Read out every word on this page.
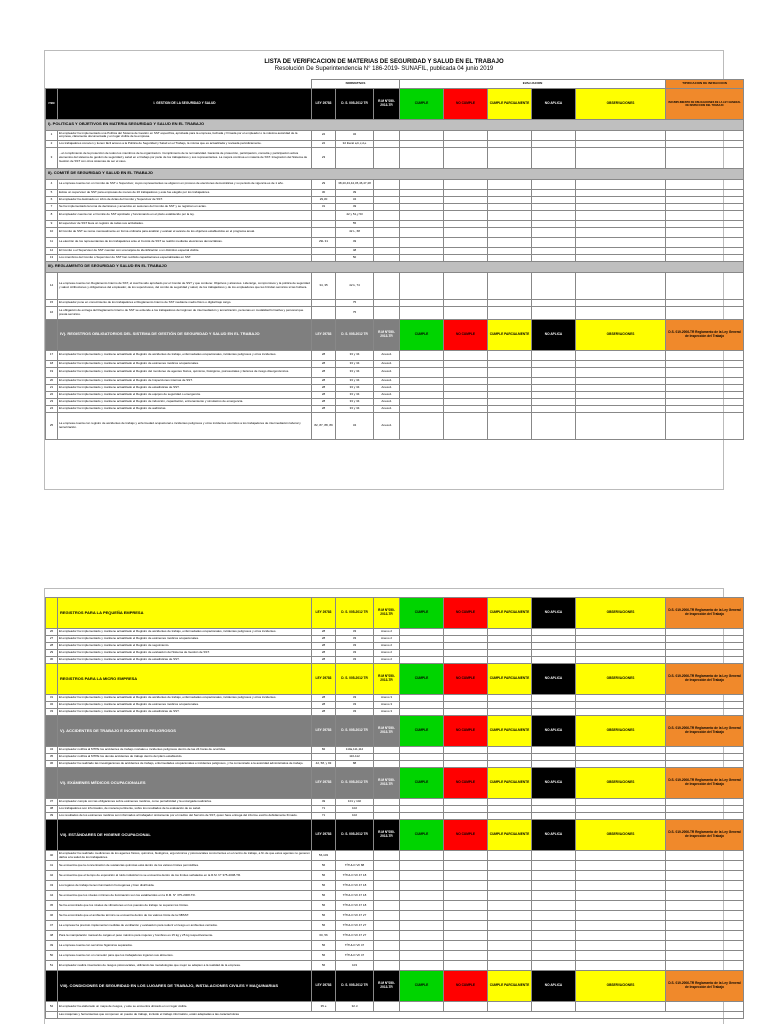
LISTA DE VERIFICACION DE MATERIAS DE SEGURIDAD Y SALUD EN EL TRABAJO
Resolución De Superintendencia N° 186-2019- SUNAFIL, publicada 04 junio 2019
		NORMATIVAS			EVALUACION					TIPIFICACION DE INFRACCION
ITEM	I. GESTION DE LA SEGURIDAD Y SALUD	LEY 29783	D. S. 005-2012 TR	R.M N°050-2013-TR	CUMPLE	NO CUMPLE	CUMPLE PARCIALMENTE	NO APLICA	OBSERVACIONES	INCUMPLIMIENTO DE OBLIGACIONES DE LA LEY GENERAL DE INSPECCION DEL TRABAJO
I). POLITICAS Y OBJETIVOS EN MATERIA SEGURIDAD Y SALUD EN EL TRABAJO										
1	El empleador ha implementado una Política del Sistema de Gestión en SST específica, aprobada para la empresa, fechada y firmada por el empleador o la máxima autoridad de la empresa, claramente documentada y en lugar visible de la empresa.	22	32							
2	Los trabajadores conocen y tienen fácil acceso a la Política de Seguridad y Salud en el Trabajo, la misma que es actualizada y revisada periódicamente.	22	32 literal a,b,c,d,e							
3	...el cumplimiento de la protección de todos los miembros de la organización. Cumplimiento de la normatividad. Garantía de protección, participación, consulta y participación activa elementos del sistema de gestión de seguridad y salud en el trabajo por parte de los trabajadores y sus representantes. La mejora continua en materia de SST. Integración del Sistema de Gestión de SST con otros sistemas de ser el caso.	23								
II). COMITÉ DE SEGURIDAD Y SALUD EN EL TRABAJO										
4	La empresa cuenta con un Comité de SST o Supervisor, cuyos representantes se eligieron en proceso de elecciones democráticas y su periodo de vigencia es de 1 año.	29	38,40,43,44,45,46,47,48							
5	Existe un supervisor de SST para empresas de menos de 20 trabajadores y este fue elegido por los trabajadores.	30	39							
6	El empleador ha destinado un Libro de Actas del Comité y Supervisor de SST.	29,30	34							
7	Se ha implementado la toma de decisiones y acuerdos en sesiones del Comité de SST y se registran en actas.	31	49							
8	El empleador cuenta con el Comité de SST aprobado y funcionando en el plazo establecido por la ley.		42 y 51,y 53							
9	El supervisor de SST lleva un registro de todas sus actividades.		55							
10	El Comité de SST se reúne mensualmente en forma ordinaria para analizar y evaluar el avance de los objetivos establecidos en el programa anual.		42 L, 68							
11	La elección de los representantes de los trabajadores ante el Comité de SST se realizó mediante elecciones democráticas.	29L 31	49							
12	El Comité o el Supervisor de SST cuentan con una tarjeta de identificación o un distintivo especial visible.		48							
13	Los miembros del Comité o Supervisor de SST han recibido capacitaciones especializadas en SST.		50							
III). REGLAMENTO DE SEGURIDAD Y SALUD EN EL TRABAJO										
14	La empresa cuenta con Reglamento Interno de SST, el cual ha sido aprobado por el Comité de SST y que contiene: Objetivos y alcances. Liderazgo, compromisos y la política de seguridad y salud. Atribuciones y obligaciones del empleador, de los supervisores, del comité de seguridad y salud, de los trabajadores y de los empleadores que les brindan servicios si las hubiera.	34, 35	42 k, 74							
15	El empleador pone en conocimiento de los trabajadores el Reglamento Interno de SST mediante medio físico o digital bajo cargo.		75							
16	La obligación de entrega del Reglamento Interno de SST se extiende a los trabajadores del régimen de intermediación y tercerización, personas en modalidad formativa y personal que presta servicios.		75							
	IV). REGISTROS OBLIGATORIOS DEL SISTEMA DE GESTIÓN DE SEGURIDAD Y SALUD EN EL TRABAJO	LEY 29783	D. S. 005-2012 TR	R.M N°050-2013-TR	CUMPLE	NO CUMPLE	CUMPLE PARCIALMENTE	NO APLICA	OBSERVACIONES	D.S. 019-2006-TR Reglamento de la Ley General de Inspección del Trabajo
17	El empleador ha implementado y mantiene actualizado el Registro de accidentes de trabajo, enfermedades ocupacionales, incidentes peligrosos y otros incidentes.	28	33 y 34	Anexo1						
18	El empleador ha implementado y mantiene actualizado el Registro de exámenes médicos ocupacionales.	28	33 y 34	Anexo1						
19	El empleador ha implementado y mantiene actualizado el Registro del monitoreo de agentes físicos, químicos, biológicos, psicosociales y factores de riesgo disergonómicos.	28	33 y 34	Anexo1						
20	El empleador ha implementado y mantiene actualizado el Registro de Inspecciones internas de SST.	28	33 y 34	Anexo1						
21	El empleador ha implementado y mantiene actualizado el Registro de estadísticas de SST.	28	33 y 34	Anexo1						
22	El empleador ha implementado y mantiene actualizado el Registro de equipos de seguridad o emergencia.	28	33 y 34	Anexo1						
23	El empleador ha implementado y mantiene actualizado el Registro de inducción, capacitación, entrenamiento y simulacros de emergencia.	28	33 y 34	Anexo1						
24	El empleador ha implementado y mantiene actualizado el Registro de auditorías.	28	33 y 34	Anexo1						
25	La empresa cuenta con registro de accidentes de trabajo y enfermedad ocupacional e incidentes peligrosos y otros incidentes ocurridos a los trabajadores de intermediación laboral y tercerización.	82, 87, 88, 89	34	Anexo1						
	REGISTROS PARA LA PEQUEÑA EMPRESA	LEY 29783	D. S. 005-2012 TR	R.M N°050-2013-TR	CUMPLE	NO CUMPLE	CUMPLE PARCIALMENTE	NO APLICA	OBSERVACIONES	D.S. 019-2006-TR Reglamento de la Ley General de Inspección del Trabajo
26	El empleador ha implementado y mantiene actualizado el Registro de accidentes de trabajo, enfermedades ocupacionales, incidentes peligrosos y otros incidentes.	28	33	Anexo 2						
27	El empleador ha implementado y mantiene actualizado el Registro de exámenes médicos ocupacionales.	28	33	Anexo 2						
28	El empleador ha implementado y mantiene actualizado el Registro de seguimiento.	28	33	Anexo 2						
29	El empleador ha implementado y mantiene actualizado el Registro de evaluación del Sistema de Gestión de SST.	28	33	Anexo 2						
30	El empleador ha implementado y mantiene actualizado el Registro de estadísticas de SST.	28	33	Anexo 2						
	REGISTROS PARA LA MICRO EMPRESA	LEY 29783	D. S. 005-2012 TR	R.M N°050-2013-TR	CUMPLE	NO CUMPLE	CUMPLE PARCIALMENTE	NO APLICA	OBSERVACIONES	D.S. 019-2006-TR Reglamento de la Ley General de Inspección del Trabajo
31	El empleador ha implementado y mantiene actualizado el Registro de accidentes de trabajo, enfermedades ocupacionales, incidentes peligrosos y otros incidentes.	28	33	Anexo 3						
32	El empleador ha implementado y mantiene actualizado el Registro de exámenes médicos ocupacionales.	28	33	Anexo 3						
33	El empleador ha implementado y mantiene actualizado el Registro de estadísticas de SST.	28	33	Anexo 3						
	V). ACCIDENTES DE TRABAJO E INCIDENTES PELIGROSOS	LEY 29783	D. S. 005-2012 TR	R.M N°050-2013-TR	CUMPLE	NO CUMPLE	CUMPLE PARCIALMENTE	NO APLICA	OBSERVACIONES	D.S. 019-2006-TR Reglamento de la Ley General de Inspección del Trabajo
34	El empleador notifica al MTPE los accidentes de trabajo mortales e incidentes peligrosos dentro de las 24 horas de ocurridos.	82	110a,111,112							
35	El empleador notifica al MTPE los demás accidentes de trabajo dentro del plazo establecido.		110-112							
36	El empleador ha realizado las investigaciones de accidentes de trabajo, enfermedades ocupacionales e incidentes peligrosos, y ha comunicado a la autoridad administrativa de trabajo.	42, 58, y 93	88							
	VI). EXÁMENES MÉDICOS OCUPACIONALES	LEY 29783	D. S. 005-2012 TR	R.M N°050-2013-TR	CUMPLE	NO CUMPLE	CUMPLE PARCIALMENTE	NO APLICA	OBSERVACIONES	D.S. 019-2006-TR Reglamento de la Ley General de Inspección del Trabajo
37	El empleador cumple con las obligaciones sobre exámenes médicos, como periodicidad y la encargada realizarlos.	49	101 y 102							
38	Los trabajadores son informados, de manera pertinente, sobre los resultados de la evaluación de su salud.	71	102							
39	Los resultados de los exámenes médicos son informados al trabajador únicamente por el médico del Servicio de SST, quien hace entrega del informe escrito debidamente firmado.	71	102							
	VII). ESTÁNDARES DE HIGIENE OCUPACIONAL	LEY 29783	D. S. 005-2012 TR	R.M N°050-2013-TR	CUMPLE	NO CUMPLE	CUMPLE PARCIALMENTE	NO APLICA	OBSERVACIONES	D.S. 019-2006-TR Reglamento de la Ley General de Inspección del Trabajo
40	El empleador ha realizado mediciones de los agentes físicos, químicos, biológicos, ergonómicos y psicosociales concurrentes en el centro de trabajo, a fin de que estos agentes no generen daños a la salud de los trabajadores.	56,103								
41	Se encuentra que la concentración de sustancias químicas está dentro de los valores límites permisibles.	56	TÍTULO VII 88							
42	Se encuentra que el tiempo de exposición al ruido industrial no se encuentra dentro de los límites señalados en la R.M. N° 375-2008-TR.	56	TÍTULO VII 47 18							
43	Los lugares de trabajo tienen iluminación homogénea y bien distribuida.	56	TÍTULO VII 47 18							
44	Se encuentra que los niveles mínimos de iluminación son los establecidos en la R.M. N° 375-2008-TR.	56	TÍTULO VII 47 18							
45	Se ha encontrado que los niveles de vibraciones en los puestos de trabajo no superan los límites.	56	TÍTULO VII 47 18							
46	Se ha encontrado que el ambiente térmico se encuentra dentro de los valores límite de la NBSST.	56	TÍTULO VII 47 27							
47	La empresa ha previsto implementar medidas de ventilación y evaluación para reducir el riesgo en ambientes cerrados.	56	TÍTULO VII 47 27							
48	Para la manipulación manual de cargas el peso máximo para mujeres y hombres es 15 kg y 25 kg respectivamente.	60, 56	TÍTULO VII 47 27							
49	La empresa cuenta con servicios higiénicos separados.	56	TÍTULO VII 47							
50	La empresa cuenta con un comedor para que los trabajadores ingieran sus alimentos.	56	TÍTULO VII 47							
51	El empleador realiza inventarios de riesgos psicosociales, utilizando las metodologías que mejor se adapten a la realidad de la empresa.	56	103							
	VIII). CONDICIONES DE SEGURIDAD EN LOS LUGARES DE TRABAJO, INSTALACIONES CIVILES Y MAQUINARIAS	LEY 29783	D. S. 005-2012 TR	R.M N°050-2013-TR	CUMPLE	NO CUMPLE	CUMPLE PARCIALMENTE	NO APLICA	OBSERVACIONES	D.S. 019-2006-TR Reglamento de la Ley General de Inspección del Trabajo
52	El empleador ha elaborado un mapa de riesgos, y este se encuentra ubicado en un lugar visible.	35 e	32 d							
	Las máquinas y herramientas que componen un puesto de trabajo, incluido el trabajo informático, están adaptadas a las características									
